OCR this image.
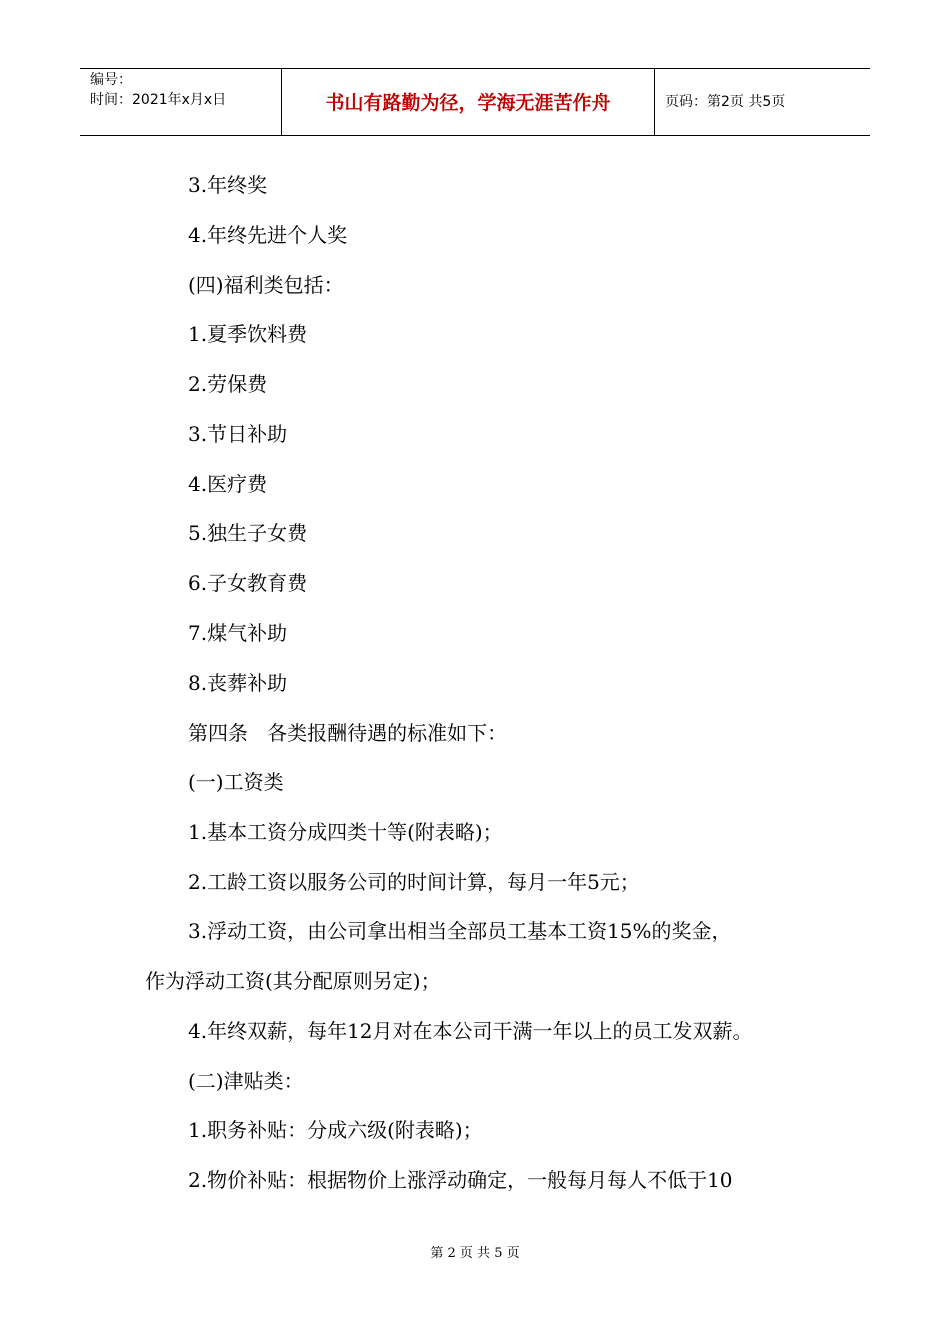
编号：
时间：2021年x月x日	书山有路勤为径，学海无涯苦作舟	页码：第2页 共5页
3.年终奖
4.年终先进个人奖
(四)福利类包括：
1.夏季饮料费
2.劳保费
3.节日补助
4.医疗费
5.独生子女费
6.子女教育费
7.煤气补助
8.丧葬补助
第四条   各类报酬待遇的标准如下：
(一)工资类
1.基本工资分成四类十等(附表略)；
2.工龄工资以服务公司的时间计算，每月一年5元；
3.浮动工资，由公司拿出相当全部员工基本工资15%的奖金，
作为浮动工资(其分配原则另定)；
4.年终双薪，每年12月对在本公司干满一年以上的员工发双薪。
(二)津贴类：
1.职务补贴：分成六级(附表略)；
2.物价补贴：根据物价上涨浮动确定，一般每月每人不低于10
第 2 页 共 5 页
